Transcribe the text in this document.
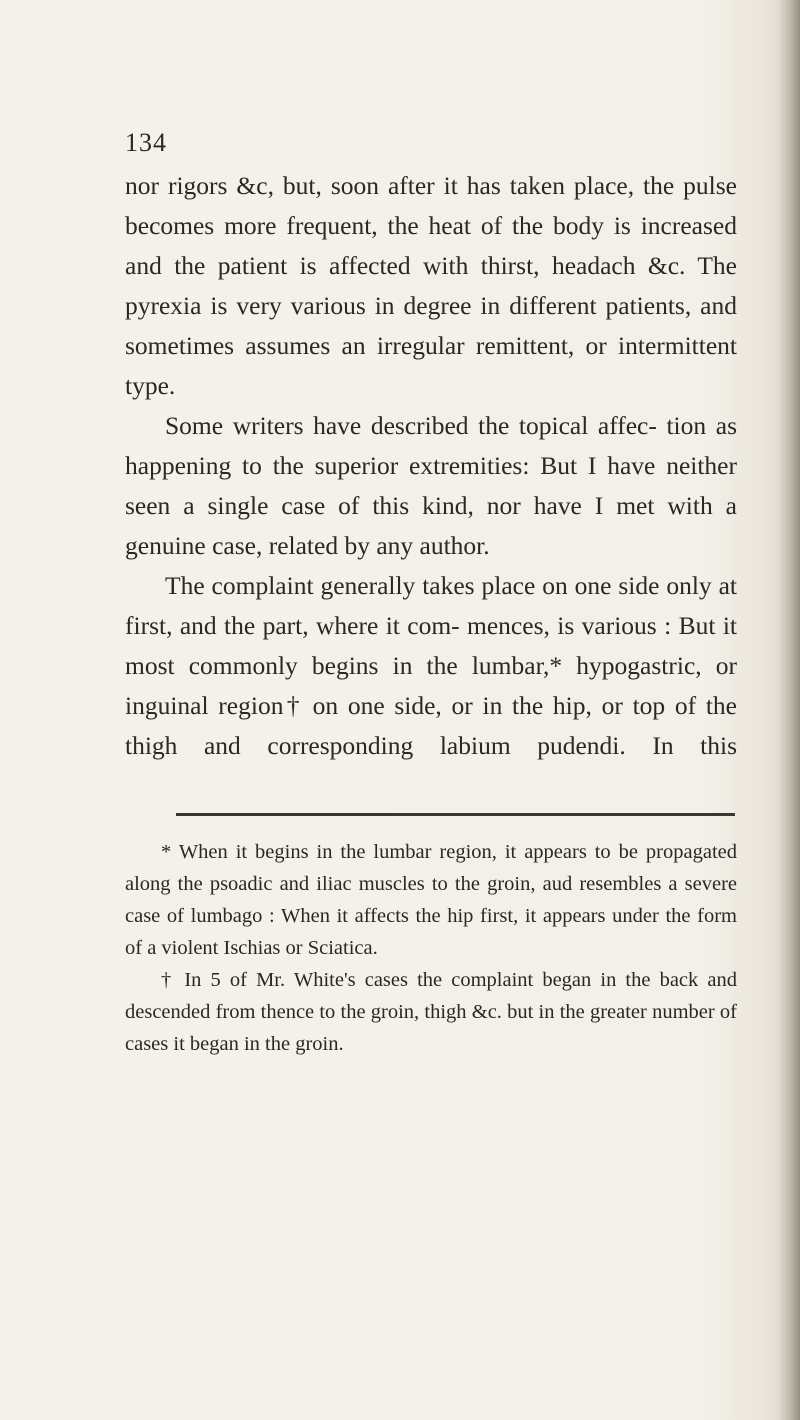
134

nor rigors &c, but, soon after it has taken place, the pulse becomes more frequent, the heat of the body is increased and the patient is affected with thirst, headach &c. The pyrexia is very various in degree in different patients, and sometimes assumes an irregular remittent, or intermittent type.

Some writers have described the topical affec- tion as happening to the superior extremities: But I have neither seen a single case of this kind, nor have I met with a genuine case, related by any author.

The complaint generally takes place on one side only at first, and the part, where it com- mences, is various : But it most commonly begins in the lumbar,* hypogastric, or inguinal region† on one side, or in the hip, or top of the thigh and corresponding labium pudendi. In this

* When it begins in the lumbar region, it appears to be propagated along the psoadic and iliac muscles to the groin, aud resembles a severe case of lumbago : When it affects the hip first, it appears under the form of a violent Ischias or Sciatica.

† In 5 of Mr. White's cases the complaint began in the back and descended from thence to the groin, thigh &c. but in the greater number of cases it began in the groin.
